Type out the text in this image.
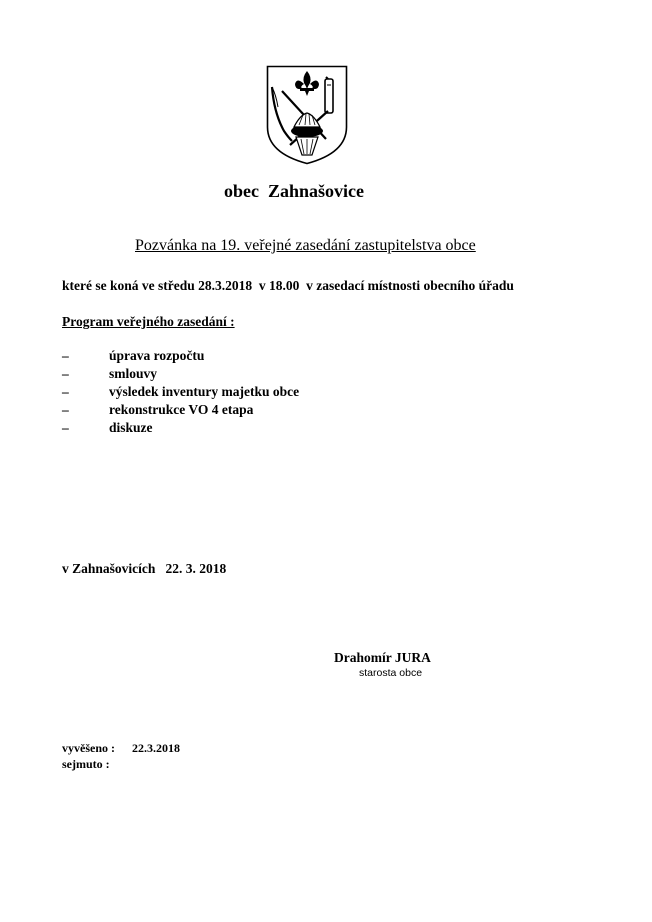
obec  Zahnašovice
Pozvánka na 19. veřejné zasedání zastupitelstva obce
které se koná ve středu 28.3.2018  v 18.00  v zasedací místnosti obecního úřadu
Program veřejného zasedání :
–	úprava rozpočtu
–	smlouvy
–	výsledek inventury majetku obce
–	rekonstrukce VO 4 etapa
–	diskuze
v Zahnašovicích   22. 3. 2018
Drahomír JURA
starosta obce
vyvěšeno : 22.3.2018
sejmuto :
